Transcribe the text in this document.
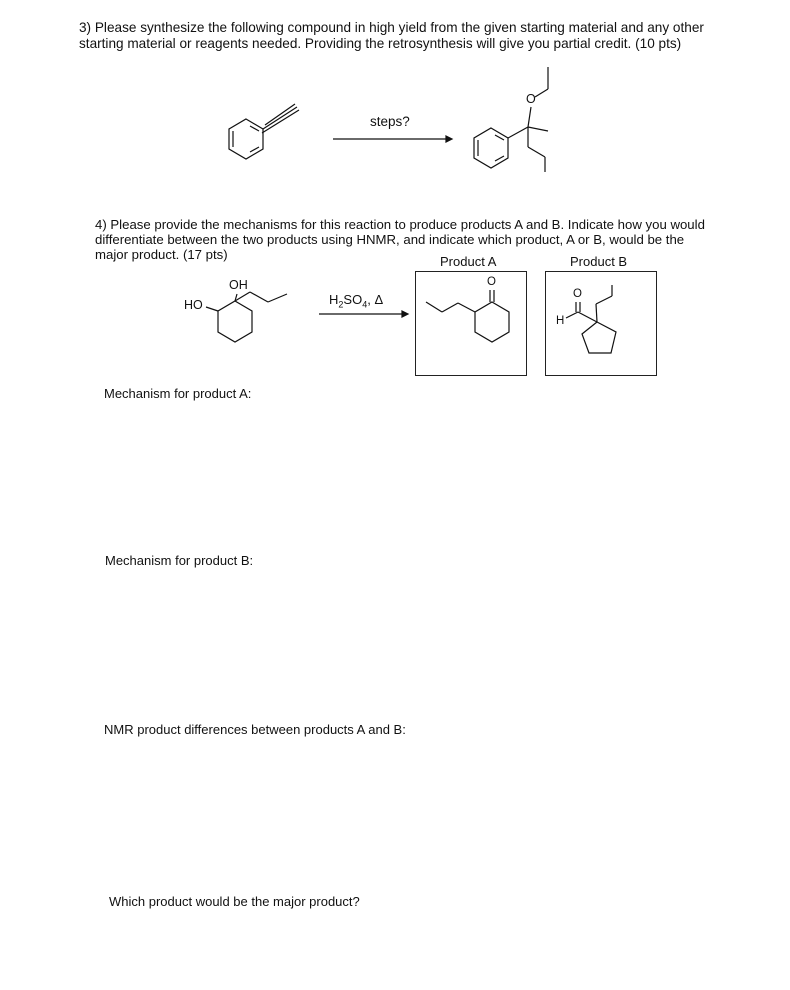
3) Please synthesize the following compound in high yield from the given starting material and any other starting material or reagents needed. Providing the retrosynthesis will give you partial credit. (10 pts)
steps?
O
4) Please provide the mechanisms for this reaction to produce products A and B. Indicate how you would differentiate between the two products using HNMR, and indicate which product, A or B, would be the major product. (17 pts)	Product A	Product B
OH
HO
O
O
H
$H_2SO_4$, Δ
Mechanism for product A:
Mechanism for product B:
NMR product differences between products A and B:
Which product would be the major product?
